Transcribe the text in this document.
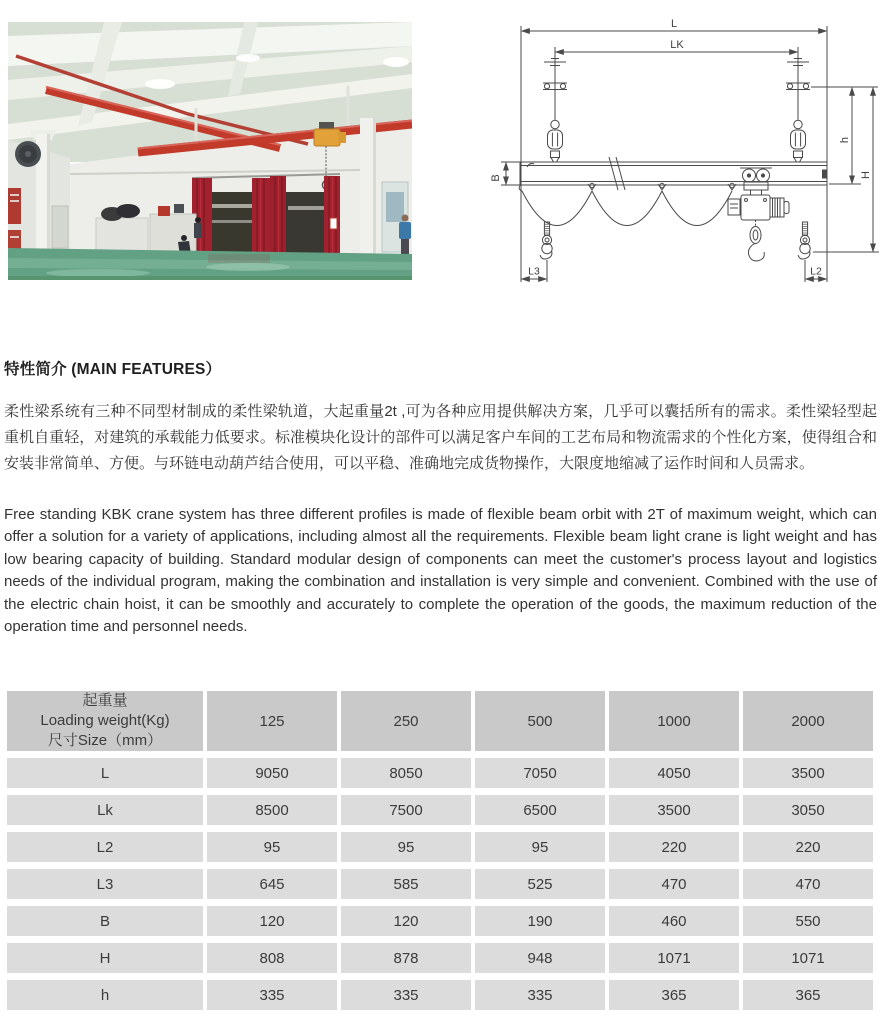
L
LK
B
h
H
L3	L2
特性简介 (MAIN FEATURES）

柔性梁系统有三种不同型材制成的柔性梁轨道，大起重量2t ,可为各种应用提供解决方案，几乎可以囊括所有的需求。柔性梁轻型起重机自重轻，对建筑的承载能力低要求。标准模块化设计的部件可以满足客户车间的工艺布局和物流需求的个性化方案，使得组合和安装非常简单、方便。与环链电动葫芦结合使用，可以平稳、准确地完成货物操作，大限度地缩减了运作时间和人员需求。

Free standing KBK crane system has three different profiles is made of flexible beam orbit with 2T of maximum weight, which can offer a solution for a variety of applications, including almost all the requirements. Flexible beam light crane is light weight and has low bearing capacity of building. Standard modular design of components can meet the customer's process layout and logistics needs of the individual program, making the combination and installation is very simple and convenient. Combined with the use of the electric chain hoist, it can be smoothly and accurately to complete the operation of the goods, the maximum reduction of the operation time and personnel needs.

起重量
Loading weight(Kg)
尺寸Size（mm）	125	250	500	1000	2000
L	9050	8050	7050	4050	3500
Lk	8500	7500	6500	3500	3050
L2	95	95	95	220	220
L3	645	585	525	470	470
B	120	120	190	460	550
H	808	878	948	1071	1071
h	335	335	335	365	365
